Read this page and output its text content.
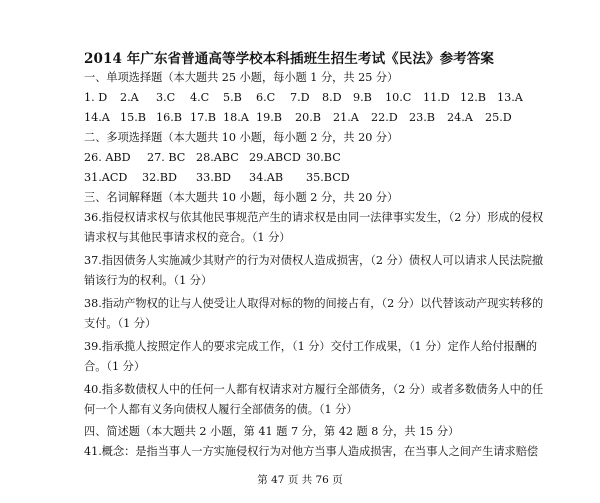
2014 年广东省普通高等学校本科插班生招生考试《民法》参考答案
一、单项选择题（本大题共 25 小题，每小题 1 分，共 25 分）
1. D 2.A 3.C 4.C 5.B 6.C 7.D 8.D 9.B 10.C 11.D 12.B 13.A
14.A 15.B 16.B 17.B 18.A 19.B 20.B 21.A 22.D 23.B 24.A 25.D
二、多项选择题（本大题共 10 小题，每小题 2 分，共 20 分）
26. ABD 27. BC 28.ABC 29.ABCD 30.BC
31.ACD 32.BD 33.BD 34.AB 35.BCD
三、名词解释题（本大题共 10 小题，每小题 2 分，共 20 分）
36.指侵权请求权与依其他民事规范产生的请求权是由同一法律事实发生，（2 分）形成的侵权
请求权与其他民事请求权的竞合。（1 分）
37.指因债务人实施减少其财产的行为对债权人造成损害，（2 分）债权人可以请求人民法院撤
销该行为的权利。（1 分）
38.指动产物权的让与人使受让人取得对标的物的间接占有，（2 分）以代替该动产现实转移的
支付。（1 分）
39.指承揽人按照定作人的要求完成工作，（1 分）交付工作成果，（1 分）定作人给付报酬的
合。（1 分）
40.指多数债权人中的任何一人都有权请求对方履行全部债务，（2 分）或者多数债务人中的任
何一个人都有义务向债权人履行全部债务的债。（1 分）
四、简述题（本大题共 2 小题，第 41 题 7 分，第 42 题 8 分，共 15 分）
41.概念：是指当事人一方实施侵权行为对他方当事人造成损害，在当事人之间产生请求赔偿
第 47 页 共 76 页
